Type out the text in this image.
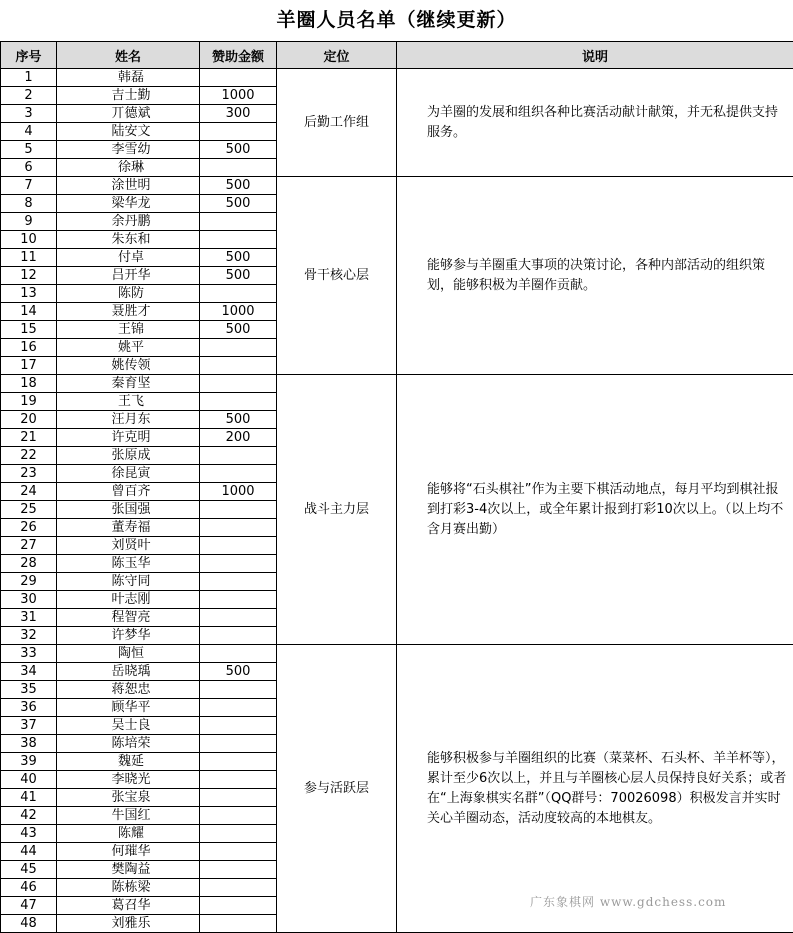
羊圈人员名单（继续更新）
序号	姓名	赞助金额	定位	说明
1	韩磊		后勤工作组	为羊圈的发展和组织各种比赛活动献计献策，并无私提供支持服务。
2	吉士勤	1000		
3	丌德斌	300		
4	陆安文			
5	李雪幼	500		
6	徐琳			
7	涂世明	500	骨干核心层	能够参与羊圈重大事项的决策讨论，各种内部活动的组织策划，能够积极为羊圈作贡献。
8	梁华龙	500		
9	余丹鹏			
10	朱东和			
11	付卓	500		
12	吕开华	500		
13	陈防			
14	聂胜才	1000		
15	王锦	500		
16	姚平			
17	姚传领			
18	秦育坚		战斗主力层	能够将“石头棋社”作为主要下棋活动地点，每月平均到棋社报到打彩3-4次以上，或全年累计报到打彩10次以上。（以上均不含月赛出勤）
19	王飞			
20	汪月东	500		
21	许克明	200		
22	张原成			
23	徐昆寅			
24	曾百齐	1000		
25	张国强			
26	董寿福			
27	刘贤叶			
28	陈玉华			
29	陈守同			
30	叶志刚			
31	程智亮			
32	许梦华			
33	陶恒		参与活跃层	能够积极参与羊圈组织的比赛（菜菜杯、石头杯、羊羊杯等），累计至少6次以上，并且与羊圈核心层人员保持良好关系；或者在“上海象棋实名群”（QQ群号：70026098）积极发言并实时关心羊圈动态，活动度较高的本地棋友。
34	岳晓瑀	500		
35	蒋恕忠			
36	顾华平			
37	吴士良			
38	陈培荣			
39	魏延			
40	李晓光			
41	张宝泉			
42	牛国红			
43	陈耀			
44	何璀华			
45	樊陶益			
46	陈栋梁			
47	葛召华			
48	刘雅乐			
广东象棋网 www.gdchess.com
